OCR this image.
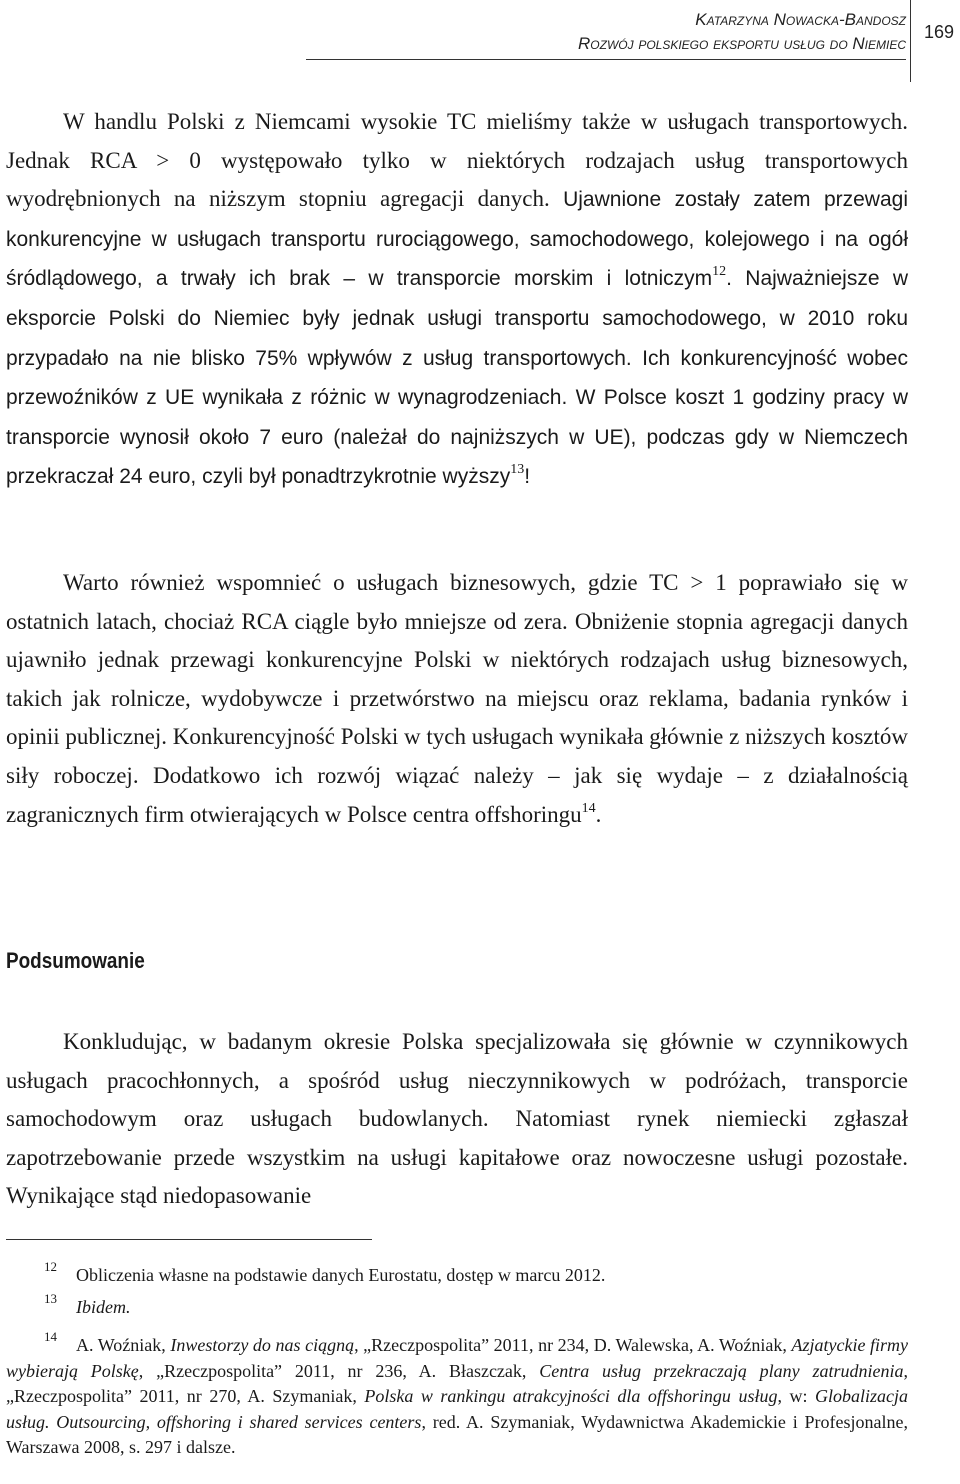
Katarzyna Nowacka-Bandosz
Rozwój polskiego eksportu usług do Niemiec
169

W handlu Polski z Niemcami wysokie TC mieliśmy także w usługach transportowych. Jednak RCA > 0 występowało tylko w niektórych rodzajach usług transportowych wyodrębnionych na niższym stopniu agregacji danych. Ujawnione zostały zatem przewagi konkurencyjne w usługach transportu rurociągowego, samochodowego, kolejowego i na ogół śródlądowego, a trwały ich brak – w transporcie morskim i lotniczym$^{12}$. Najważniejsze w eksporcie Polski do Niemiec były jednak usługi transportu samochodowego, w 2010 roku przypadało na nie blisko 75% wpływów z usług transportowych. Ich konkurencyjność wobec przewoźników z UE wynikała z różnic w wynagrodzeniach. W Polsce koszt 1 godziny pracy w transporcie wynosił około 7 euro (należał do najniższych w UE), podczas gdy w Niemczech przekraczał 24 euro, czyli był ponadtrzykrotnie wyższy$^{13}$!

Warto również wspomnieć o usługach biznesowych, gdzie TC > 1 poprawiało się w ostatnich latach, chociaż RCA ciągle było mniejsze od zera. Obniżenie stopnia agregacji danych ujawniło jednak przewagi konkurencyjne Polski w niektórych rodzajach usług biznesowych, takich jak rolnicze, wydobywcze i przetwórstwo na miejscu oraz reklama, badania rynków i opinii publicznej. Konkurencyjność Polski w tych usługach wynikała głównie z niższych kosztów siły roboczej. Dodatkowo ich rozwój wiązać należy – jak się wydaje – z działalnością zagranicznych firm otwierających w Polsce centra offshoringu$^{14}$.

Podsumowanie

Konkludując, w badanym okresie Polska specjalizowała się głównie w czynnikowych usługach pracochłonnych, a spośród usług nieczynnikowych w podróżach, transporcie samochodowym oraz usługach budowlanych. Natomiast rynek niemiecki zgłaszał zapotrzebowanie przede wszystkim na usługi kapitałowe oraz nowoczesne usługi pozostałe. Wynikające stąd niedopasowanie

12	Obliczenia własne na podstawie danych Eurostatu, dostęp w marcu 2012.

13	Ibidem.

14	A. Woźniak, Inwestorzy do nas ciągną, „Rzeczpospolita” 2011, nr 234, D. Walewska, A. Woźniak, Azjatyckie firmy wybierają Polskę, „Rzeczpospolita” 2011, nr 236, A. Błaszczak, Centra usług przekraczają plany zatrudnienia, „Rzeczpospolita” 2011, nr 270, A. Szymaniak, Polska w rankingu atrakcyjności dla offshoringu usług, w: Globalizacja usług. Outsourcing, offshoring i shared services centers, red. A. Szymaniak, Wydawnictwa Akademickie i Profesjonalne, Warszawa 2008, s. 297 i dalsze.
